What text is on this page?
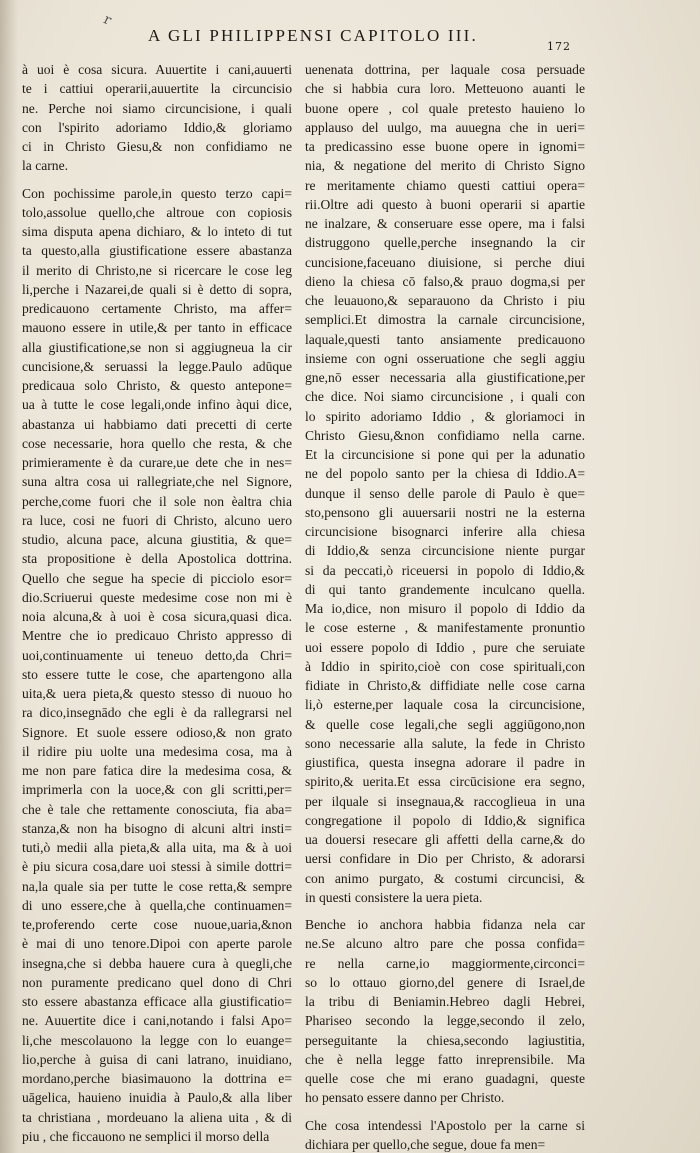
r
A GLI PHILIPPENSI CAPITOLO III.
172
à uoi è cosa sicura. Auuertite i cani,auuerti
te i cattiui operarii,auuertite la circuncisio
ne. Perche noi siamo circuncisione, i quali
con l'spirito adoriamo Iddio,& gloriamo
ci in Christo Giesu,& non confidiamo ne
la carne.
Con pochissime parole,in questo terzo capi=
tolo,assolue quello,che altroue con copiosis
sima disputa apena dichiaro, & lo inteto di tut
ta questo,alla giustificatione essere abastanza
il merito di Christo,ne si ricercare le cose leg
li,perche i Nazarei,de quali si è detto di sopra,
predicauono certamente Christo, ma affer=
mauono essere in utile,& per tanto in efficace
alla giustificatione,se non si aggiugneua la cir
cuncisione,& seruassi la legge.Paulo adūque
predicaua solo Christo, & questo antepone=
ua à tutte le cose legali,onde infino àqui dice,
abastanza ui habbiamo dati precetti di certe
cose necessarie, hora quello che resta, & che
primieramente è da curare,ue dete che in nes=
suna altra cosa ui rallegriate,che nel Signore,
perche,come fuori che il sole non èaltra chia
ra luce, cosi ne fuori di Christo, alcuno uero
studio, alcuna pace, alcuna giustitia, & que=
sta propositione è della Apostolica dottrina.
Quello che segue ha specie di picciolo esor=
dio.Scriuerui queste medesime cose non mi è
noia alcuna,& à uoi è cosa sicura,quasi dica.
Mentre che io predicauo Christo appresso di
uoi,continuamente ui teneuo detto,da Chri=
sto essere tutte le cose, che apartengono alla
uita,& uera pieta,& questo stesso di nuouo ho
ra dico,insegnādo che egli è da rallegrarsi nel
Signore. Et suole essere odioso,& non grato
il ridire piu uolte una medesima cosa, ma à
me non pare fatica dire la medesima cosa, &
imprimerla con la uoce,& con gli scritti,per=
che è tale che rettamente conosciuta, fia aba=
stanza,& non ha bisogno di alcuni altri insti=
tuti,ò medii alla pieta,& alla uita, ma & à uoi
è piu sicura cosa,dare uoi stessi à simile dottri=
na,la quale sia per tutte le cose retta,& sempre
di uno essere,che à quella,che continuamen=
te,proferendo certe cose nuoue,uaria,&non
è mai di uno tenore.Dipoi con aperte parole
insegna,che si debba hauere cura à quegli,che
non puramente predicano quel dono di Chri
sto essere abastanza efficace alla giustificatio=
ne. Auuertite dice i cani,notando i falsi Apo=
li,che mescolauono la legge con lo euange=
lio,perche à guisa di cani latrano, inuidiano,
mordano,perche biasimauono la dottrina e=
uāgelica, hauieno inuidia à Paulo,& alla liber
ta christiana , mordeuano la aliena uita , & di
piu , che ficcauono ne semplici il morso della
uenenata dottrina, per laquale cosa persuade
che si habbia cura loro. Metteuono auanti le
buone opere , col quale pretesto hauieno lo
applauso del uulgo, ma auuegna che in ueri=
ta predicassino esse buone opere in ignomi=
nia, & negatione del merito di Christo Signo
re meritamente chiamo questi cattiui opera=
rii.Oltre adi questo à buoni operarii si apartie
ne inalzare, & conseruare esse opere, ma i falsi
distruggono quelle,perche insegnando la cir
cuncisione,faceuano diuisione, si perche diui
dieno la chiesa cō falso,& prauo dogma,si per
che leuauono,& separauono da Christo i piu
semplici.Et dimostra la carnale circuncisione,
laquale,questi tanto ansiamente predicauono
insieme con ogni osseruatione che segli aggiu
gne,nō esser necessaria alla giustificatione,per
che dice. Noi siamo circuncisione , i quali con
lo spirito adoriamo Iddio , & gloriamoci in
Christo Giesu,&non confidiamo nella carne.
Et la circuncisione si pone qui per la adunatio
ne del popolo santo per la chiesa di Iddio.A=
dunque il senso delle parole di Paulo è que=
sto,pensono gli auuersarii nostri ne la esterna
circuncisione bisognarci inferire alla chiesa
di Iddio,& senza circuncisione niente purgar
si da peccati,ò riceuersi in popolo di Iddio,&
di qui tanto grandemente inculcano quella.
Ma io,dice, non misuro il popolo di Iddio da
le cose esterne , & manifestamente pronuntio
uoi essere popolo di Iddio , pure che seruiate
à Iddio in spirito,cioè con cose spirituali,con
fidiate in Christo,& diffidiate nelle cose carna
li,ò esterne,per laquale cosa la circuncisione,
& quelle cose legali,che segli aggiūgono,non
sono necessarie alla salute, la fede in Christo
giustifica, questa insegna adorare il padre in
spirito,& uerita.Et essa circūcisione era segno,
per ilquale si insegnaua,& raccoglieua in una
congregatione il popolo di Iddio,& significa
ua douersi resecare gli affetti della carne,& do
uersi confidare in Dio per Christo, & adorarsi
con animo purgato, & costumi circuncisi, &
in questi consistere la uera pieta.
Benche io anchora habbia fidanza nela car
ne.Se alcuno altro pare che possa confida=
re nella carne,io maggiormente,circonci=
so lo ottauo giorno,del genere di Israel,de
la tribu di Beniamin.Hebreo dagli Hebrei,
Phariseo secondo la legge,secondo il zelo,
perseguitante la chiesa,secondo lagiustitia,
che è nella legge fatto inreprensibile. Ma
quelle cose che mi erano guadagni, queste
ho pensato essere danno per Christo.
Che cosa intendessi l'Apostolo per la carne si
dichiara per quello,che segue, doue fa men=
